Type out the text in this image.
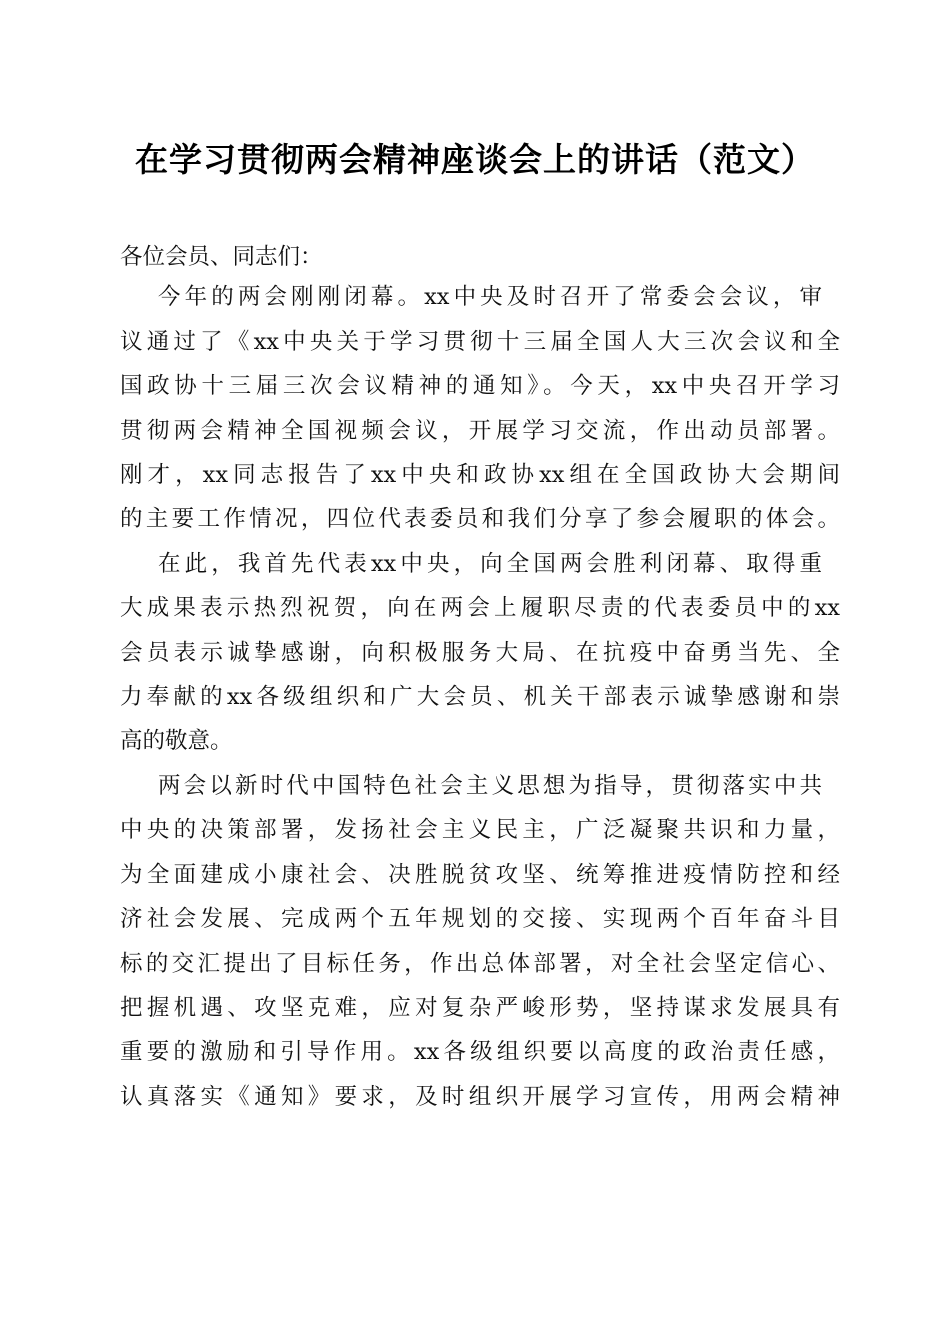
在学习贯彻两会精神座谈会上的讲话（范文）
各位会员、同志们：
今年的两会刚刚闭幕。xx中央及时召开了常委会会议，审
议通过了《xx中央关于学习贯彻十三届全国人大三次会议和全
国政协十三届三次会议精神的通知》。今天，xx中央召开学习
贯彻两会精神全国视频会议，开展学习交流，作出动员部署。
刚才，xx同志报告了xx中央和政协xx组在全国政协大会期间
的主要工作情况，四位代表委员和我们分享了参会履职的体会。
在此，我首先代表xx中央，向全国两会胜利闭幕、取得重
大成果表示热烈祝贺，向在两会上履职尽责的代表委员中的xx
会员表示诚挚感谢，向积极服务大局、在抗疫中奋勇当先、全
力奉献的xx各级组织和广大会员、机关干部表示诚挚感谢和崇
高的敬意。
两会以新时代中国特色社会主义思想为指导，贯彻落实中共
中央的决策部署，发扬社会主义民主，广泛凝聚共识和力量，
为全面建成小康社会、决胜脱贫攻坚、统筹推进疫情防控和经
济社会发展、完成两个五年规划的交接、实现两个百年奋斗目
标的交汇提出了目标任务，作出总体部署，对全社会坚定信心、
把握机遇、攻坚克难，应对复杂严峻形势，坚持谋求发展具有
重要的激励和引导作用。xx各级组织要以高度的政治责任感，
认真落实《通知》要求，及时组织开展学习宣传，用两会精神
